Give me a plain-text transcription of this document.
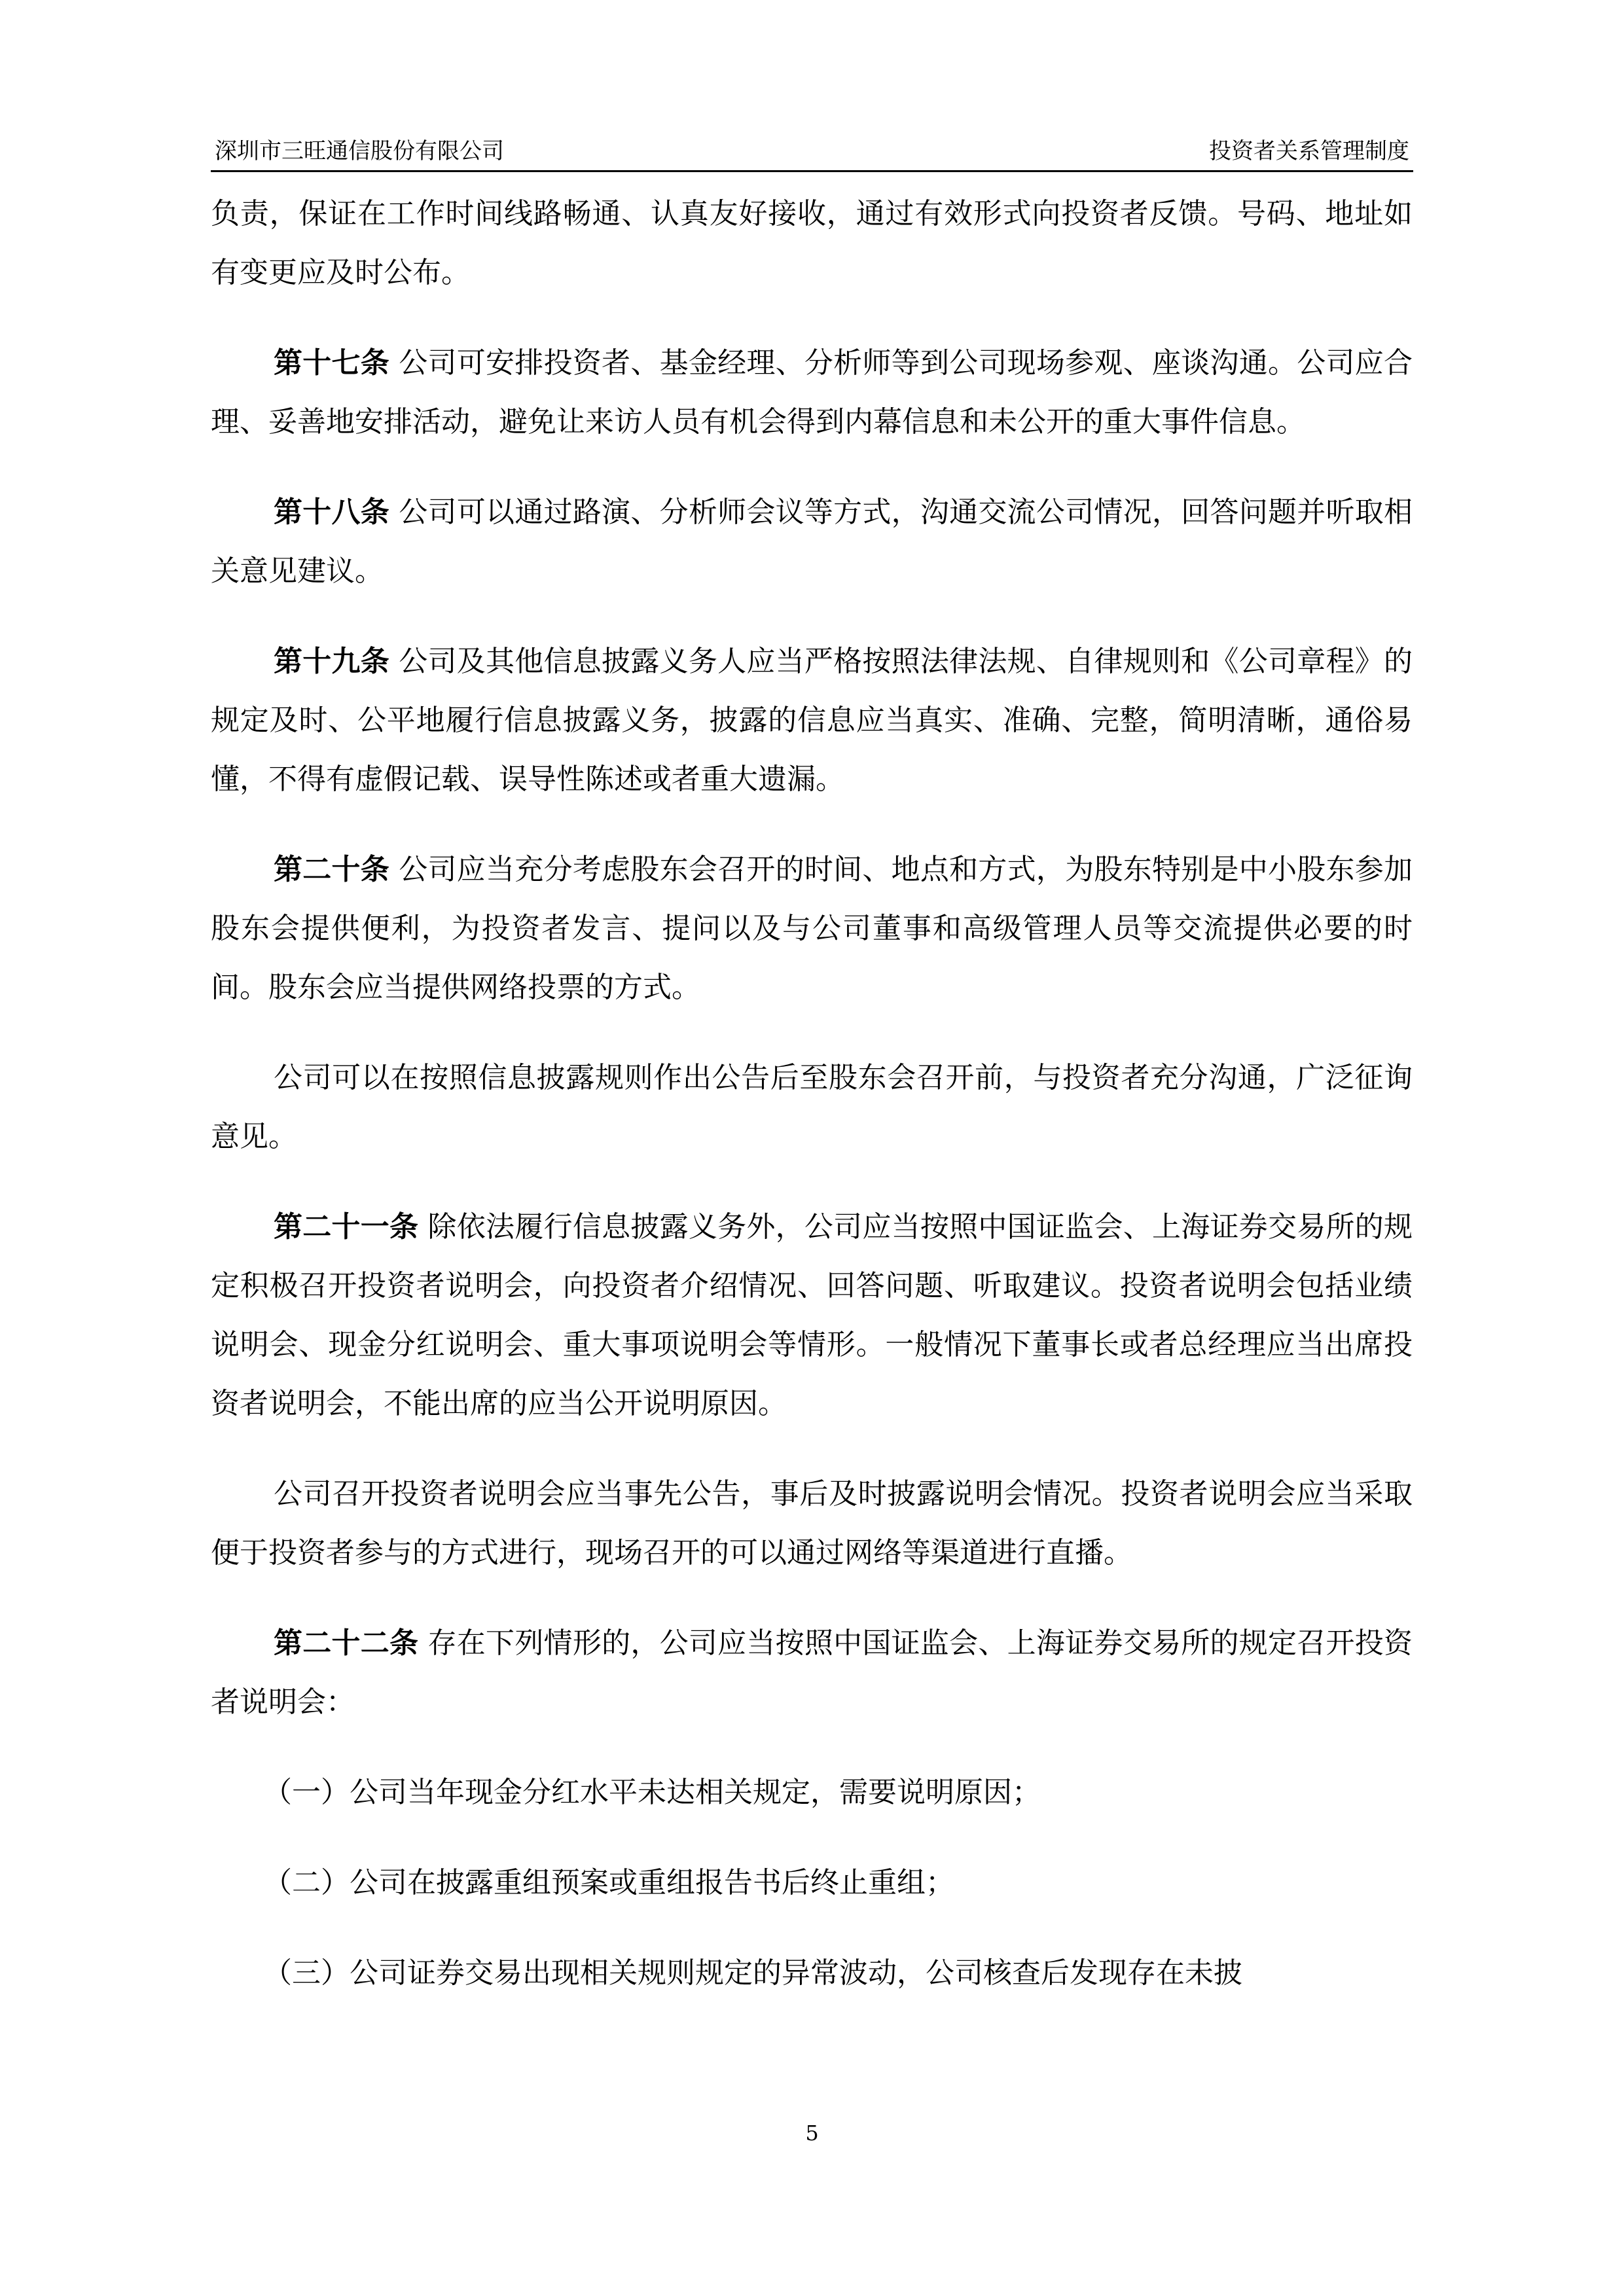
深圳市三旺通信股份有限公司	投资者关系管理制度

负责，保证在工作时间线路畅通、认真友好接收，通过有效形式向投资者反馈。号码、地址如有变更应及时公布。

第十七条 公司可安排投资者、基金经理、分析师等到公司现场参观、座谈沟通。公司应合理、妥善地安排活动，避免让来访人员有机会得到内幕信息和未公开的重大事件信息。

第十八条 公司可以通过路演、分析师会议等方式，沟通交流公司情况，回答问题并听取相关意见建议。

第十九条 公司及其他信息披露义务人应当严格按照法律法规、自律规则和《公司章程》的规定及时、公平地履行信息披露义务，披露的信息应当真实、准确、完整，简明清晰，通俗易懂，不得有虚假记载、误导性陈述或者重大遗漏。

第二十条 公司应当充分考虑股东会召开的时间、地点和方式，为股东特别是中小股东参加股东会提供便利，为投资者发言、提问以及与公司董事和高级管理人员等交流提供必要的时间。股东会应当提供网络投票的方式。

公司可以在按照信息披露规则作出公告后至股东会召开前，与投资者充分沟通，广泛征询意见。

第二十一条 除依法履行信息披露义务外，公司应当按照中国证监会、上海证券交易所的规定积极召开投资者说明会，向投资者介绍情况、回答问题、听取建议。投资者说明会包括业绩说明会、现金分红说明会、重大事项说明会等情形。一般情况下董事长或者总经理应当出席投资者说明会，不能出席的应当公开说明原因。

公司召开投资者说明会应当事先公告，事后及时披露说明会情况。投资者说明会应当采取便于投资者参与的方式进行，现场召开的可以通过网络等渠道进行直播。

第二十二条 存在下列情形的，公司应当按照中国证监会、上海证券交易所的规定召开投资者说明会：

（一）公司当年现金分红水平未达相关规定，需要说明原因；

（二）公司在披露重组预案或重组报告书后终止重组；

（三）公司证券交易出现相关规则规定的异常波动，公司核查后发现存在未披

5
